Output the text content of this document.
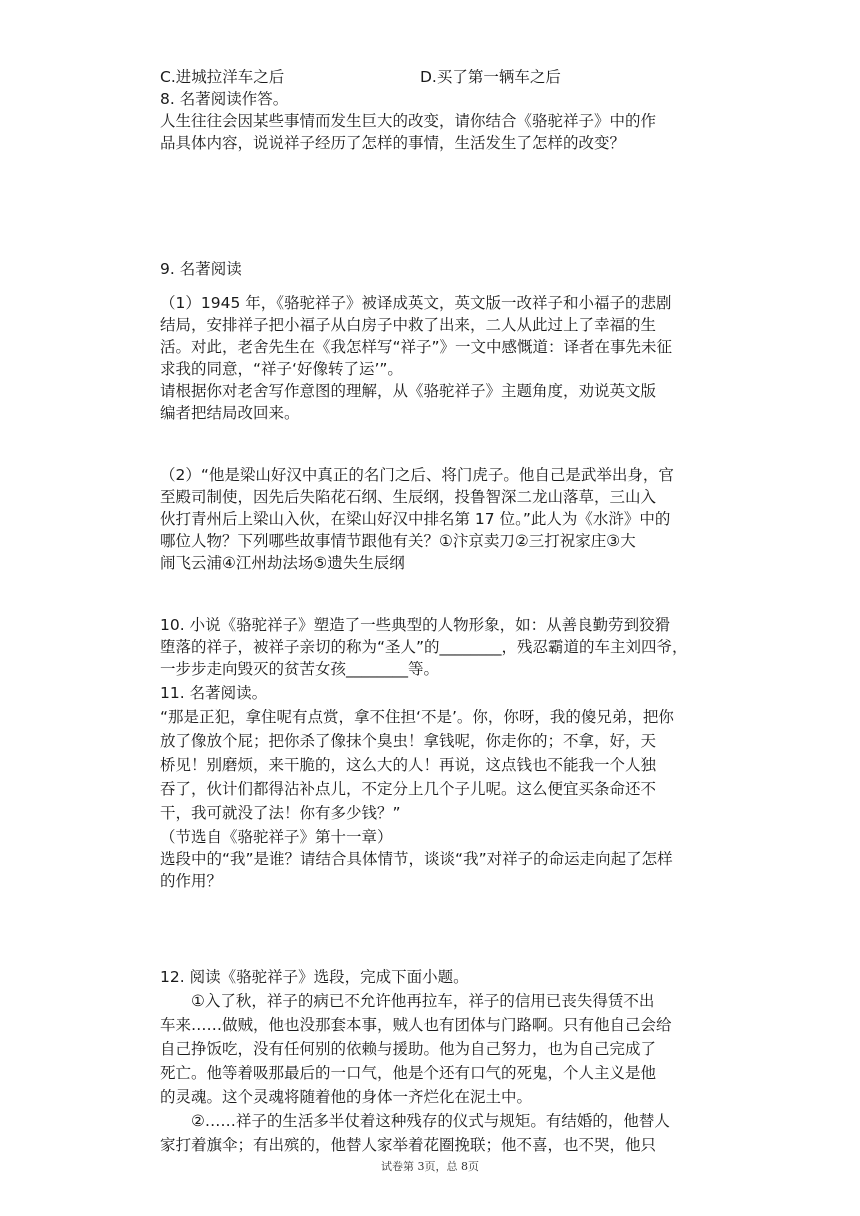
C.进城拉洋车之后	D.买了第一辆车之后
8. 名著阅读作答。
人生往往会因某些事情而发生巨大的改变，请你结合《骆驼祥子》中的作
品具体内容，说说祥子经历了怎样的事情，生活发生了怎样的改变？
9. 名著阅读
（1）1945 年，《骆驼祥子》被译成英文，英文版一改祥子和小福子的悲剧
结局，安排祥子把小福子从白房子中救了出来，二人从此过上了幸福的生
活。对此，老舍先生在《我怎样写“祥子”》一文中感慨道：译者在事先未征
求我的同意，“祥子‘好像转了运’”。
请根据你对老舍写作意图的理解，从《骆驼祥子》主题角度，劝说英文版
编者把结局改回来。
（2）“他是梁山好汉中真正的名门之后、将门虎子。他自己是武举出身，官
至殿司制使，因先后失陷花石纲、生辰纲，投鲁智深二龙山落草，三山入
伙打青州后上梁山入伙，在梁山好汉中排名第 17 位。”此人为《水浒》中的
哪位人物？下列哪些故事情节跟他有关？①汴京卖刀②三打祝家庄③大
闹飞云浦④江州劫法场⑤遗失生辰纲
10. 小说《骆驼祥子》塑造了一些典型的人物形象，如：从善良勤劳到狡猾
堕落的祥子，被祥子亲切的称为“圣人”的________，残忍霸道的车主刘四爷，
一步步走向毁灭的贫苦女孩________等。
11. 名著阅读。
“那是正犯，拿住呢有点赏，拿不住担‘不是’。你，你呀，我的傻兄弟，把你
放了像放个屁；把你杀了像抹个臭虫！拿钱呢，你走你的；不拿，好，天
桥见！别磨烦，来干脆的，这么大的人！再说，这点钱也不能我一个人独
吞了，伙计们都得沾补点儿，不定分上几个子儿呢。这么便宜买条命还不
干，我可就没了法！你有多少钱？”
（节选自《骆驼祥子》第十一章）
选段中的“我”是谁？请结合具体情节，谈谈“我”对祥子的命运走向起了怎样
的作用？
12. 阅读《骆驼祥子》选段，完成下面小题。
①入了秋，祥子的病已不允许他再拉车，祥子的信用已丧失得赁不出
车来……做贼，他也没那套本事，贼人也有团体与门路啊。只有他自己会给
自己挣饭吃，没有任何别的依赖与援助。他为自己努力，也为自己完成了
死亡。他等着吸那最后的一口气，他是个还有口气的死鬼，个人主义是他
的灵魂。这个灵魂将随着他的身体一齐烂化在泥土中。
②……祥子的生活多半仗着这种残存的仪式与规矩。有结婚的，他替人
家打着旗伞；有出殡的，他替人家举着花圈挽联；他不喜，也不哭，他只
试卷第 3页，总 8页
